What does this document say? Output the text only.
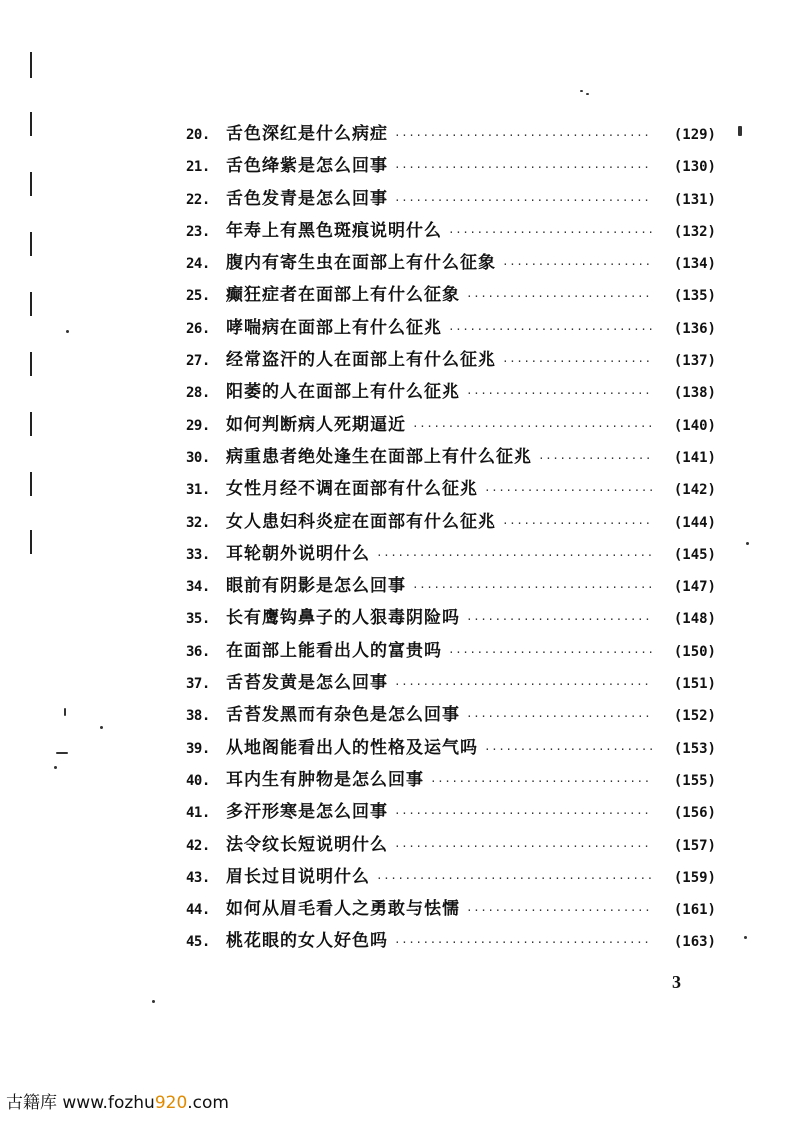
20. 舌色深红是什么病症 ·····	(129)
21. 舌色绛紫是怎么回事 ·····	(130)
22. 舌色发青是怎么回事 ·····	(131)
23. 年寿上有黑色斑痕说明什么 ·····	(132)
24. 腹内有寄生虫在面部上有什么征象 ·····	(134)
25. 癫狂症者在面部上有什么征象 ·····	(135)
26. 哮喘病在面部上有什么征兆 ·····	(136)
27. 经常盗汗的人在面部上有什么征兆 ·····	(137)
28. 阳萎的人在面部上有什么征兆 ·····	(138)
29. 如何判断病人死期逼近 ·····	(140)
30. 病重患者绝处逢生在面部上有什么征兆 ·····	(141)
31. 女性月经不调在面部有什么征兆 ·····	(142)
32. 女人患妇科炎症在面部有什么征兆 ·····	(144)
33. 耳轮朝外说明什么 ·····	(145)
34. 眼前有阴影是怎么回事 ·····	(147)
35. 长有鹰钩鼻子的人狠毒阴险吗 ·····	(148)
36. 在面部上能看出人的富贵吗 ·····	(150)
37. 舌苔发黄是怎么回事 ·····	(151)
38. 舌苔发黑而有杂色是怎么回事 ·····	(152)
39. 从地阁能看出人的性格及运气吗 ·····	(153)
40. 耳内生有肿物是怎么回事 ·····	(155)
41. 多汗形寒是怎么回事 ·····	(156)
42. 法令纹长短说明什么 ·····	(157)
43. 眉长过目说明什么 ·····	(159)
44. 如何从眉毛看人之勇敢与怯懦 ·····	(161)
45. 桃花眼的女人好色吗 ·····	(163)
3
古籍库 www.fozhu920.com
